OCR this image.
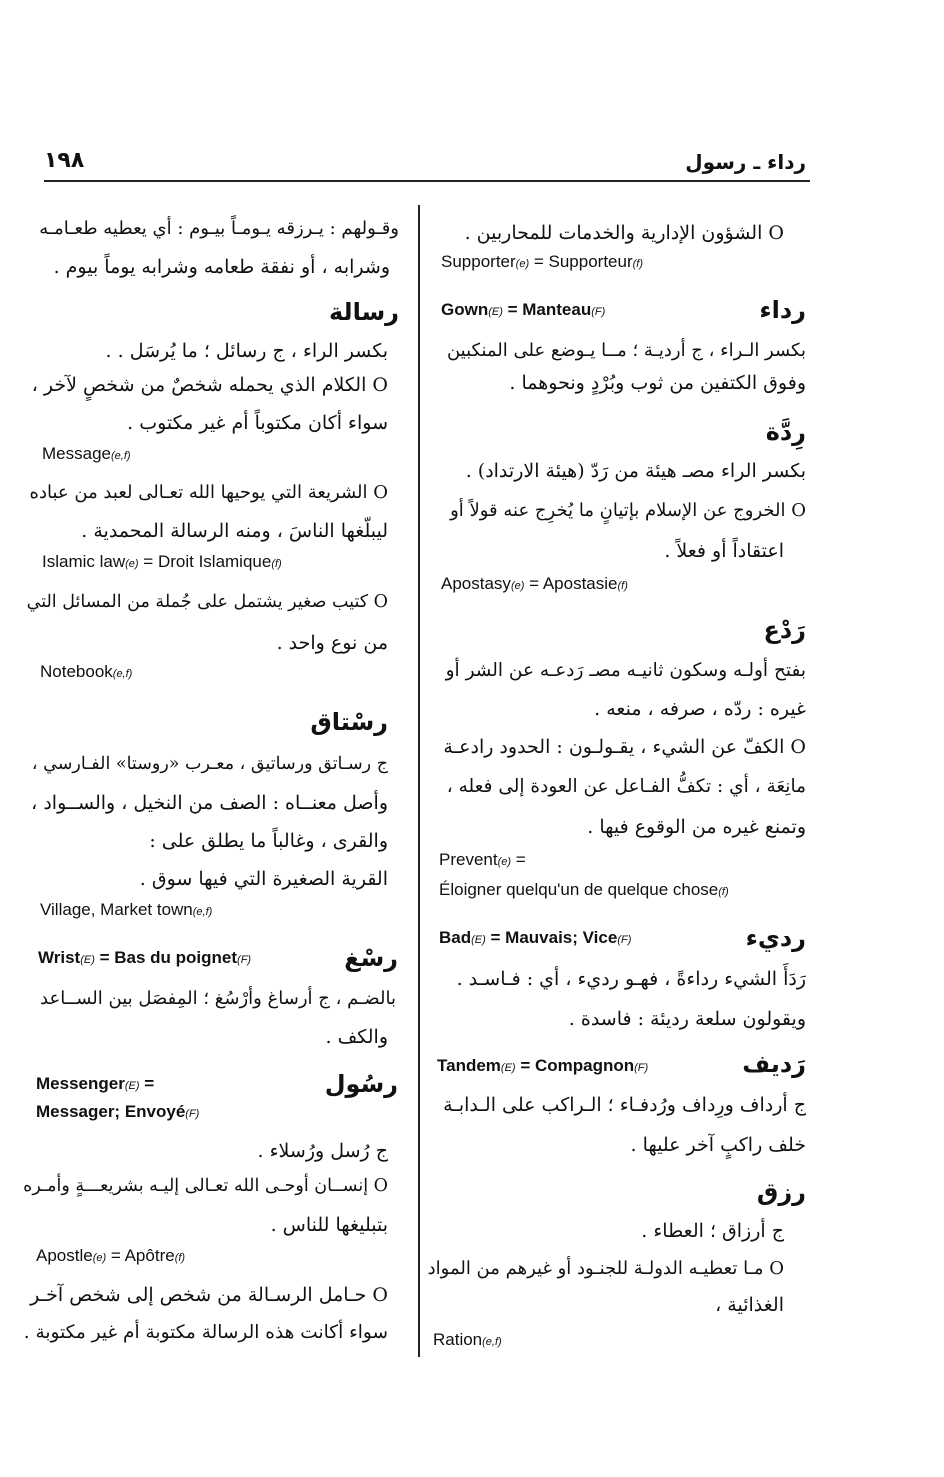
١٩٨	رداء ـ رسول
O الشؤون الإدارية والخدمات للمحاربين .
Supporter(e) = Supporteur(f)
رداء
Gown(E) = Manteau(F)
بكسر الـراء ، ج أرديـة ؛ مــا يـوضع على المنكبين
وفوق الكتفين من ثوب وبُرْدٍ ونحوهما .
رِدَّة
بكسر الراء مصـ هيئة من رَدّ (هيئة الارتداد) .
O الخروج عن الإسلام بإتيانٍ ما يُخرِج عنه قولاً أو
اعتقاداً أو فعلاً .
Apostasy(e) = Apostasie(f)
رَدْع
بفتح أولـه وسكون ثانيـه مصـ رَدعـه عن الشر أو
غيره : ردّه ، صرفه ، منعه .
O الكفّ عن الشيء ، يقـولـون : الحدود رادعـة
مانِعَة ، أي : تكفُّ الفـاعل عن العودة إلى فعله ،
وتمنع غيره من الوقوع فيها .
Prevent(e) =
Éloigner quelqu'un de quelque chose(f)
رديء
Bad(E) = Mauvais; Vice(F)
رَدَأَ الشيء رداءةً ، فهـو رديء ، أي : فـاسـد .
ويقولون سلعة رديئة : فاسدة .
رَديف
Tandem(E) = Compagnon(F)
ج أرداف ورِداف ورُدفـاء ؛ الـراكب على الـدابـة
خلف راكبٍ آخر عليها .
رزق
ج أرزاق ؛ العطاء .
O مـا تعطيـه الدولـة للجنـود أو غيرهم من المواد
الغذائية ،
Ration(e,f)
وقـولهم : يـرزقه يـومـاً بيـوم : أي يعطيه طعـامـه
وشرابه ، أو نفقة طعامه وشرابه يوماً بيوم .
رسالة
بكسر الراء ، ج رسائل ؛ ما يُرسَل . .
O الكلام الذي يحمله شخصٌ من شخصٍ لآخر ،
سواء أكان مكتوباً أم غير مكتوب .
Message(e,f)
O الشريعة التي يوحيها الله تعـالى لعبد من عباده
ليبلّغها الناسَ ، ومنه الرسالة المحمدية .
Islamic law(e) = Droit Islamique(f)
O كتيب صغير يشتمل على جُملة من المسائل التي
من نوع واحد .
Notebook(e,f)
رسْتاق
ج رسـاتق ورساتيق ، معـرب «روستا» الفـارسي ،
وأصل معنــاه : الصف من النخيل ، والســواد ،
والقرى ، وغالباً ما يطلق على :
القرية الصغيرة التي فيها سوق .
Village, Market town(e,f)
رسْغ
Wrist(E) = Bas du poignet(F)
بالضـم ، ج أرساغ وأرْسُغ ؛ المِفصَل بين الســاعد
والكف .
رسُول
Messenger(E) =
Messager; Envoyé(F)
ج رُسل ورُسلاء .
O إنســان أوحـى الله تعـالى إليـه بشريعـــةٍ وأمـره
بتبليغها للناس .
Apostle(e) = Apôtre(f)
O حـامل الرسـالة من شخص إلى شخص آخـر
سواء أكانت هذه الرسالة مكتوبة أم غير مكتوبة .
